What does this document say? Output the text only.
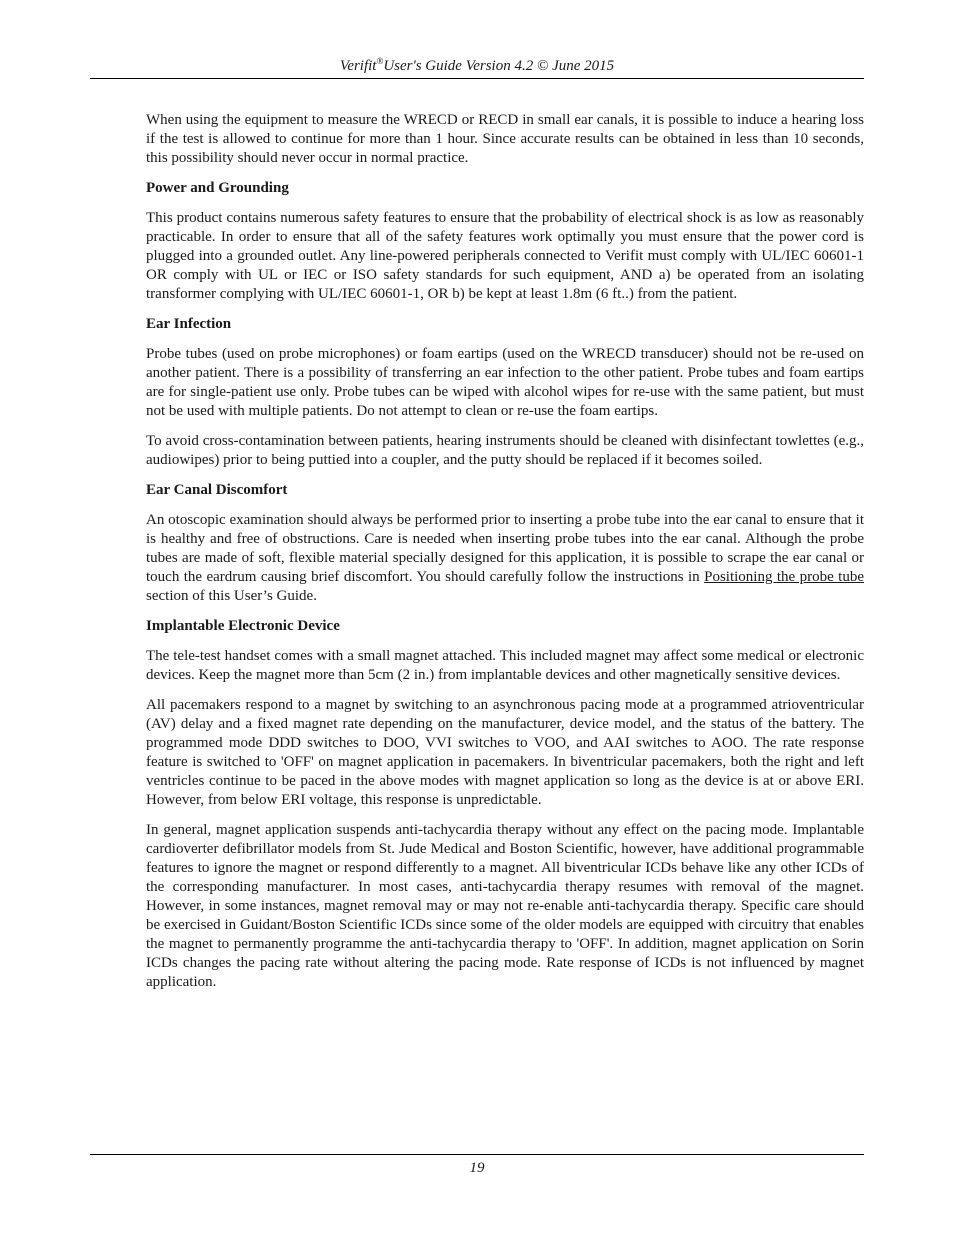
Verifit®User's Guide Version 4.2 © June 2015

When using the equipment to measure the WRECD or RECD in small ear canals, it is possible to induce a hearing loss if the test is allowed to continue for more than 1 hour. Since accurate results can be obtained in less than 10 seconds, this possibility should never occur in normal practice.

Power and Grounding

This product contains numerous safety features to ensure that the probability of electrical shock is as low as reasonably practicable. In order to ensure that all of the safety features work optimally you must ensure that the power cord is plugged into a grounded outlet. Any line-powered peripherals connected to Verifit must comply with UL/IEC 60601-1 OR comply with UL or IEC or ISO safety standards for such equipment, AND a) be operated from an isolating transformer complying with UL/IEC 60601-1, OR b) be kept at least 1.8m (6 ft..) from the patient.

Ear Infection

Probe tubes (used on probe microphones) or foam eartips (used on the WRECD transducer) should not be re-used on another patient. There is a possibility of transferring an ear infection to the other patient. Probe tubes and foam eartips are for single-patient use only. Probe tubes can be wiped with alcohol wipes for re-use with the same patient, but must not be used with multiple patients. Do not attempt to clean or re-use the foam eartips.

To avoid cross-contamination between patients, hearing instruments should be cleaned with disinfectant towlettes (e.g., audiowipes) prior to being puttied into a coupler, and the putty should be replaced if it becomes soiled.

Ear Canal Discomfort

An otoscopic examination should always be performed prior to inserting a probe tube into the ear canal to ensure that it is healthy and free of obstructions. Care is needed when inserting probe tubes into the ear canal. Although the probe tubes are made of soft, flexible material specially designed for this application, it is possible to scrape the ear canal or touch the eardrum causing brief discomfort. You should carefully follow the instructions in Positioning the probe tube section of this User’s Guide.

Implantable Electronic Device

The tele-test handset comes with a small magnet attached. This included magnet may affect some medical or electronic devices. Keep the magnet more than 5cm (2 in.) from implantable devices and other magnetically sensitive devices.

All pacemakers respond to a magnet by switching to an asynchronous pacing mode at a programmed atrioventricular (AV) delay and a fixed magnet rate depending on the manufacturer, device model, and the status of the battery. The programmed mode DDD switches to DOO, VVI switches to VOO, and AAI switches to AOO. The rate response feature is switched to 'OFF' on magnet application in pacemakers. In biventricular pacemakers, both the right and left ventricles continue to be paced in the above modes with magnet application so long as the device is at or above ERI. However, from below ERI voltage, this response is unpredictable.

In general, magnet application suspends anti-tachycardia therapy without any effect on the pacing mode. Implantable cardioverter defibrillator models from St. Jude Medical and Boston Scientific, however, have additional programmable features to ignore the magnet or respond differently to a magnet. All biventricular ICDs behave like any other ICDs of the corresponding manufacturer. In most cases, anti-tachycardia therapy resumes with removal of the magnet. However, in some instances, magnet removal may or may not re-enable anti-tachycardia therapy. Specific care should be exercised in Guidant/Boston Scientific ICDs since some of the older models are equipped with circuitry that enables the magnet to permanently programme the anti-tachycardia therapy to 'OFF'. In addition, magnet application on Sorin ICDs changes the pacing rate without altering the pacing mode. Rate response of ICDs is not influenced by magnet application.

19
